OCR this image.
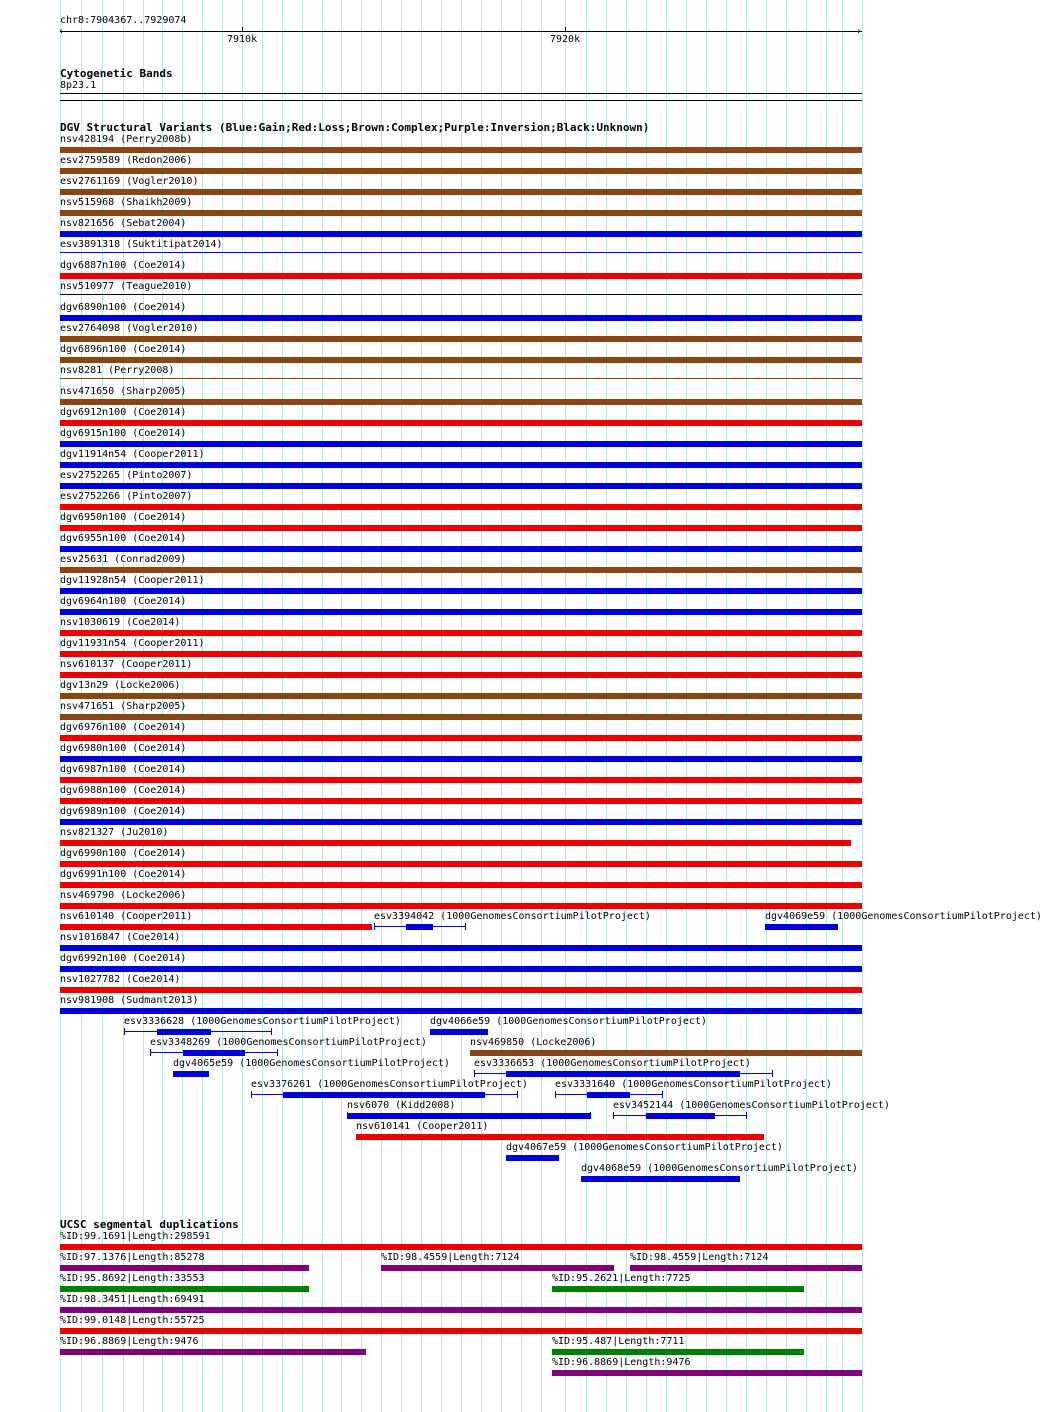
chr8:7904367..7929074
‹	›
7910k	7920k
Cytogenetic Bands
8p23.1
DGV Structural Variants (Blue:Gain;Red:Loss;Brown:Complex;Purple:Inversion;Black:Unknown)
UCSC segmental duplications
nsv428194 (Perry2008b)
esv2759589 (Redon2006)
esv2761169 (Vogler2010)
nsv515968 (Shaikh2009)
nsv821656 (Sebat2004)
esv3891318 (Suktitipat2014)
dgv6887n100 (Coe2014)
nsv510977 (Teague2010)
dgv6890n100 (Coe2014)
esv2764098 (Vogler2010)
dgv6896n100 (Coe2014)
nsv8281 (Perry2008)
nsv471650 (Sharp2005)
dgv6912n100 (Coe2014)
dgv6915n100 (Coe2014)
dgv11914n54 (Cooper2011)
esv2752265 (Pinto2007)
esv2752266 (Pinto2007)
dgv6950n100 (Coe2014)
dgv6955n100 (Coe2014)
esv25631 (Conrad2009)
dgv11928n54 (Cooper2011)
dgv6964n100 (Coe2014)
nsv1030619 (Coe2014)
dgv11931n54 (Cooper2011)
nsv610137 (Cooper2011)
dgv13n29 (Locke2006)
nsv471651 (Sharp2005)
dgv6976n100 (Coe2014)
dgv6980n100 (Coe2014)
dgv6987n100 (Coe2014)
dgv6988n100 (Coe2014)
dgv6989n100 (Coe2014)
nsv821327 (Ju2010)
dgv6990n100 (Coe2014)
dgv6991n100 (Coe2014)
nsv469790 (Locke2006)
nsv610140 (Cooper2011)
nsv1016847 (Coe2014)
dgv6992n100 (Coe2014)
nsv1027782 (Coe2014)
nsv981908 (Sudmant2013)
esv3394042 (1000GenomesConsortiumPilotProject)	dgv4069e59 (1000GenomesConsortiumPilotProject)
esv3336628 (1000GenomesConsortiumPilotProject)	dgv4066e59 (1000GenomesConsortiumPilotProject)
esv3348269 (1000GenomesConsortiumPilotProject)	nsv469850 (Locke2006)
dgv4065e59 (1000GenomesConsortiumPilotProject) esv3336653 (1000GenomesConsortiumPilotProject)
esv3376261 (1000GenomesConsortiumPilotProject)	esv3331640 (1000GenomesConsortiumPilotProject)
nsv6070 (Kidd2008)	esv3452144 (1000GenomesConsortiumPilotProject)
nsv610141 (Cooper2011)
dgv4067e59 (1000GenomesConsortiumPilotProject)
dgv4068e59 (1000GenomesConsortiumPilotProject)
%ID:99.1691|Length:298591
%ID:97.1376|Length:85278	%ID:98.4559|Length:7124	%ID:98.4559|Length:7124
%ID:95.8692|Length:33553	%ID:95.2621|Length:7725
%ID:98.3451|Length:69491
%ID:99.0148|Length:55725
%ID:96.8869|Length:9476	%ID:95.487|Length:7711
%ID:96.8869|Length:9476
